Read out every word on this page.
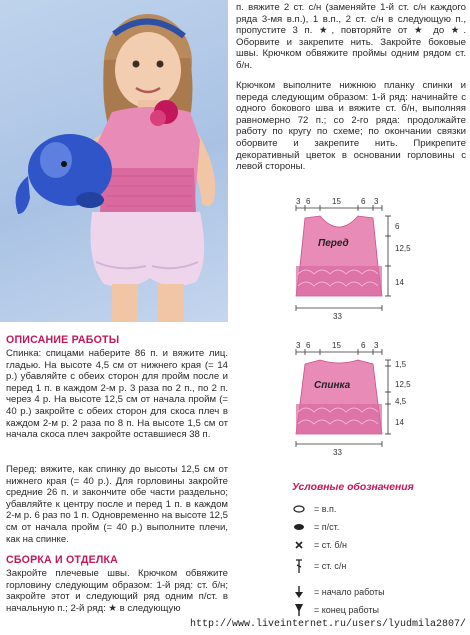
п. вяжите 2 ст. с/н (заменяйте 1-й ст. с/н каждого ряда 3-мя в.п.), 1 в.п., 2 ст. с/н в следующую п., пропустите 3 п. ★, повторяйте от ★ до ★. Оборвите и закрепите нить. Закройте боковые швы. Крючком обвяжите проймы одним рядом ст. б/н.
Крючком выполните нижнюю планку спинки и переда следующим образом: 1-й ряд: начинайте с одного бокового шва и вяжите ст. б/н, выполняя равномерно 72 п.; со 2-го ряда: продолжайте работу по кругу по схеме; по окончании связки оборвите и закрепите нить. Прикрепите декоративный цветок в основании горловины с левой стороны.
ОПИСАНИЕ РАБОТЫ
Спинка: спицами наберите 86 п. и вяжите лиц. гладью. На высоте 4,5 см от нижнего края (= 14 р.) убавляйте с обеих сторон для пройм после и перед 1 п. в каждом 2-м р. 3 раза по 2 п., по 2 п. через 4 р. На высоте 12,5 см от начала пройм (= 40 р.) закройте с обеих сторон для скоса плеч в каждом 2-м р. 2 раза по 8 п. На высоте 1,5 см от начала скоса плеч закройте оставшиеся 38 п.
Перед: вяжите, как спинку до высоты 12,5 см от нижнего края (= 40 р.). Для горловины закройте средние 26 п. и закончите обе части раздельно; убавляйте к центру после и перед 1 п. в каждом 2-м р. 6 раз по 1 п. Одновременно на высоте 12,5 см от начала пройм (= 40 р.) выполните плечи, как на спинке.
СБОРКА И ОТДЕЛКА
Закройте плечевые швы. Крючком обвяжите горловину следующим образом: 1-й ряд: ст. б/н; закройте этот и следующий ряд одним п/ст. в начальную п.; 2-й ряд: ★ в следующую
3 6	15	6 3
6
12,5
14
33
Перед
3 6	15	6 3
1,5
12,5
4,5
14
33
Спинка
Условные обозначения
= в.п.
= п/ст.
= ст. б/н
= ст. с/н
= начало работы
= конец работы
http://www.liveinternet.ru/users/lyudmila2807/
